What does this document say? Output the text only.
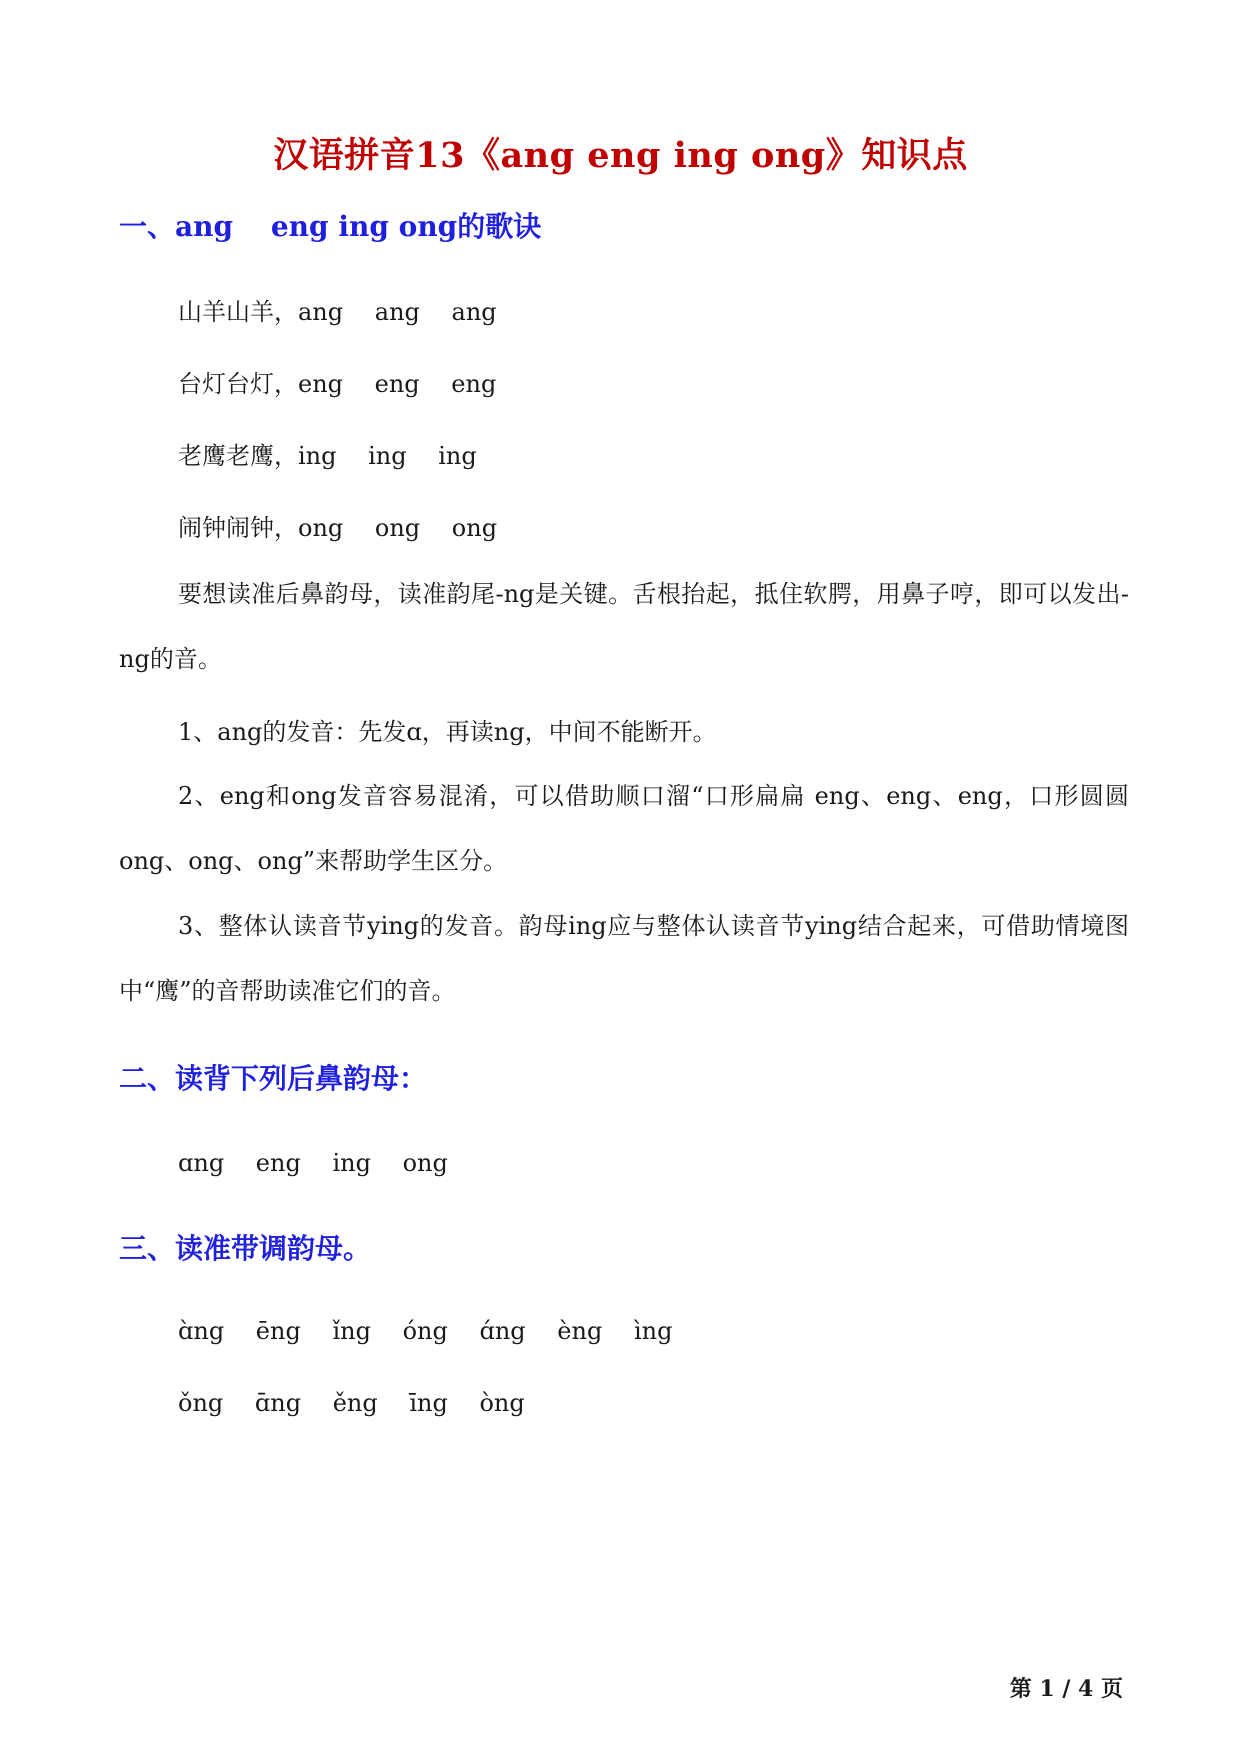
汉语拼音13《ang eng ing ong》知识点
一、ang　 eng ing ong的歌诀
山羊山羊，ang　 ang　 ang
台灯台灯，eng　 eng　 eng
老鹰老鹰，ing　 ing　 ing
闹钟闹钟，ong　 ong　 ong
要想读准后鼻韵母，读准韵尾-ng是关键。舌根抬起，抵住软腭，用鼻子哼，即可以发出-ng的音。
1、ang的发音：先发ɑ，再读ng，中间不能断开。
2、eng和ong发音容易混淆，可以借助顺口溜“口形扁扁 eng、eng、eng，口形圆圆 ong、ong、ong”来帮助学生区分。
3、整体认读音节ying的发音。韵母ing应与整体认读音节ying结合起来，可借助情境图中“鹰”的音帮助读准它们的音。
二、读背下列后鼻韵母：
ɑng　 eng　 ing　 ong
三、读准带调韵母。
ɑ̀ng　 ēng　 ǐng　 óng　 ɑ́ng　 èng　 ìng
ǒng　 ɑ̄ng　 ěng　 īng　 òng
第 1 / 4 页
